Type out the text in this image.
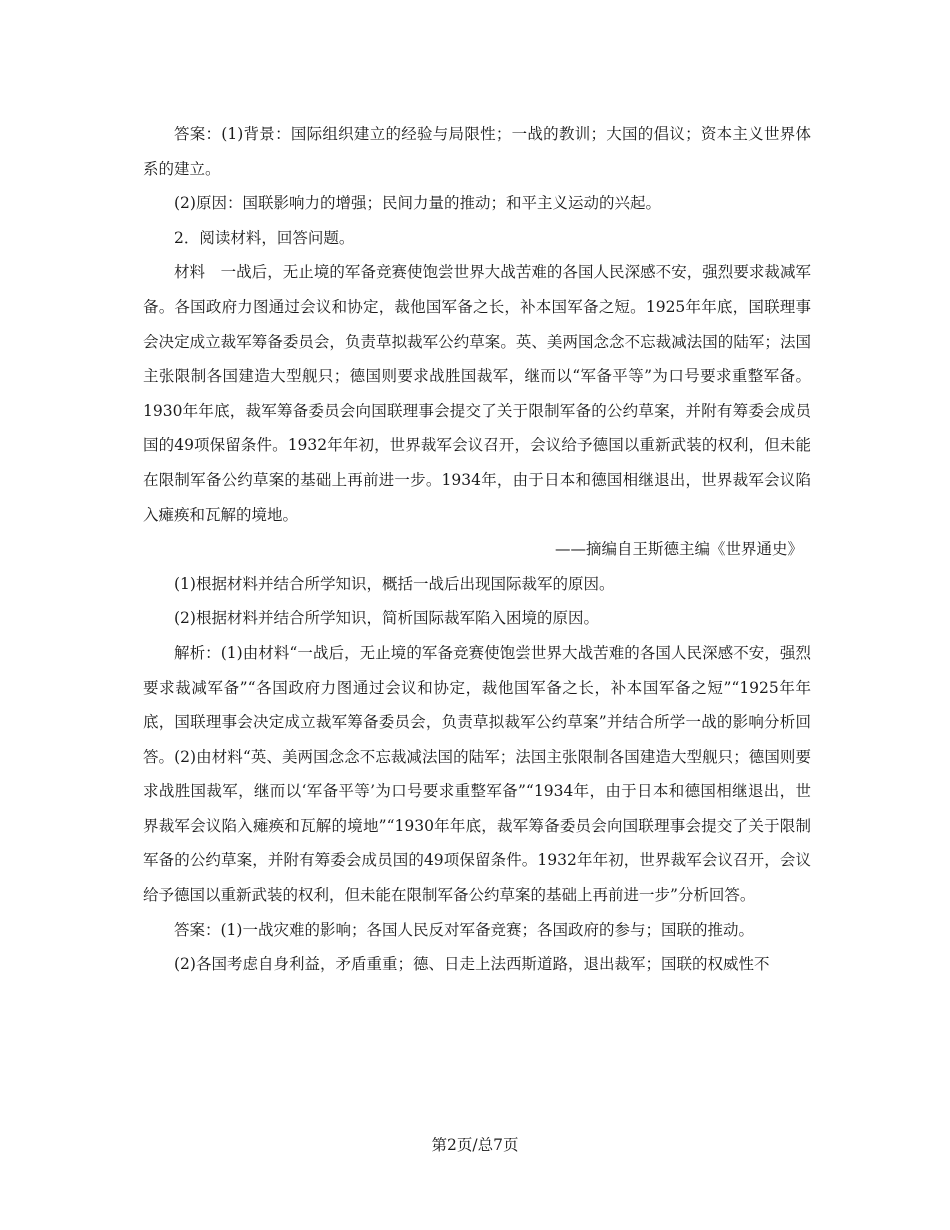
答案：(1)背景：国际组织建立的经验与局限性；一战的教训；大国的倡议；资本主义世界体系的建立。

(2)原因：国联影响力的增强；民间力量的推动；和平主义运动的兴起。

2．阅读材料，回答问题。

材料　一战后，无止境的军备竞赛使饱尝世界大战苦难的各国人民深感不安，强烈要求裁减军备。各国政府力图通过会议和协定，裁他国军备之长，补本国军备之短。1925年年底，国联理事会决定成立裁军筹备委员会，负责草拟裁军公约草案。英、美两国念念不忘裁减法国的陆军；法国主张限制各国建造大型舰只；德国则要求战胜国裁军，继而以“军备平等”为口号要求重整军备。1930年年底，裁军筹备委员会向国联理事会提交了关于限制军备的公约草案，并附有筹委会成员国的49项保留条件。1932年年初，世界裁军会议召开，会议给予德国以重新武装的权利，但未能在限制军备公约草案的基础上再前进一步。1934年，由于日本和德国相继退出，世界裁军会议陷入瘫痪和瓦解的境地。

——摘编自王斯德主编《世界通史》

(1)根据材料并结合所学知识，概括一战后出现国际裁军的原因。

(2)根据材料并结合所学知识，简析国际裁军陷入困境的原因。

解析：(1)由材料“一战后，无止境的军备竞赛使饱尝世界大战苦难的各国人民深感不安，强烈要求裁减军备”“各国政府力图通过会议和协定，裁他国军备之长，补本国军备之短”“1925年年底，国联理事会决定成立裁军筹备委员会，负责草拟裁军公约草案”并结合所学一战的影响分析回答。(2)由材料“英、美两国念念不忘裁减法国的陆军；法国主张限制各国建造大型舰只；德国则要求战胜国裁军，继而以‘军备平等’为口号要求重整军备”“1934年，由于日本和德国相继退出，世界裁军会议陷入瘫痪和瓦解的境地”“1930年年底，裁军筹备委员会向国联理事会提交了关于限制军备的公约草案，并附有筹委会成员国的49项保留条件。1932年年初，世界裁军会议召开，会议给予德国以重新武装的权利，但未能在限制军备公约草案的基础上再前进一步”分析回答。

答案：(1)一战灾难的影响；各国人民反对军备竞赛；各国政府的参与；国联的推动。

(2)各国考虑自身利益，矛盾重重；德、日走上法西斯道路，退出裁军；国联的权威性不

第2页/总7页
